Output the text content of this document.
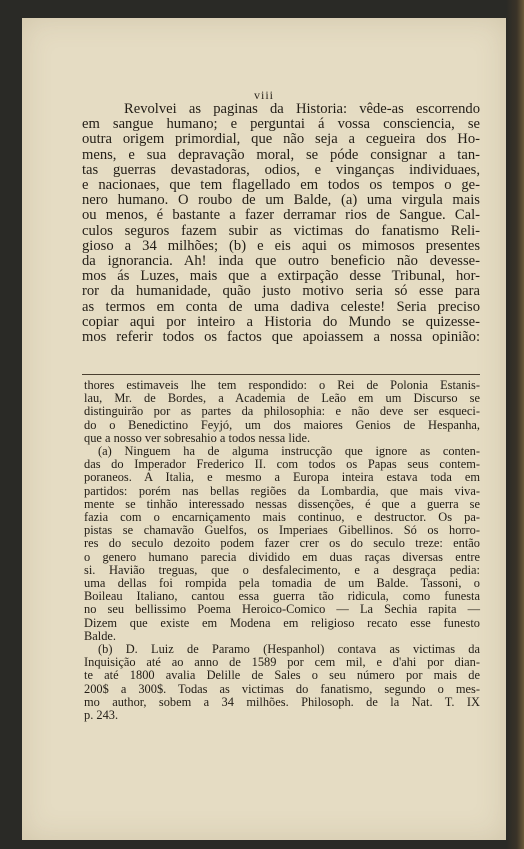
viii
Revolvei as paginas da Historia: vêde-as escorrendo
em sangue humano; e perguntai á vossa consciencia, se
outra origem primordial, que não seja a cegueira dos Ho-
mens, e sua depravação moral, se póde consignar a tan-
tas guerras devastadoras, odios, e vinganças individuaes,
e nacionaes, que tem flagellado em todos os tempos o ge-
nero humano. O roubo de um Balde, (a) uma virgula mais
ou menos, é bastante a fazer derramar rios de Sangue. Cal-
culos seguros fazem subir as victimas do fanatismo Reli-
gioso a 34 milhões; (b) e eis aqui os mimosos presentes
da ignorancia. Ah! inda que outro beneficio não devesse-
mos ás Luzes, mais que a extirpação desse Tribunal, hor-
ror da humanidade, quão justo motivo seria só esse para
as termos em conta de uma dadiva celeste! Seria preciso
copiar aqui por inteiro a Historia do Mundo se quizesse-
mos referir todos os factos que apoiassem a nossa opinião:
thores estimaveis lhe tem respondido: o Rei de Polonia Estanis-
lau, Mr. de Bordes, a Academia de Leão em um Discurso se
distinguirão por as partes da philosophia: e não deve ser esqueci-
do o Benedictino Feyjó, um dos maiores Genios de Hespanha,
que a nosso ver sobresahio a todos nessa lide.
(a) Ninguem ha de alguma instrucção que ignore as conten-
das do Imperador Frederico II. com todos os Papas seus contem-
poraneos. A Italia, e mesmo a Europa inteira estava toda em
partidos: porém nas bellas regiões da Lombardia, que mais viva-
mente se tinhão interessado nessas dissenções, é que a guerra se
fazia com o encarniçamento mais continuo, e destructor. Os pa-
pistas se chamavão Guelfos, os Imperiaes Gibellinos. Só os horro-
res do seculo dezoito podem fazer crer os do seculo treze: então
o genero humano parecia dividido em duas raças diversas entre
si. Havião treguas, que o desfalecimento, e a desgraça pedia:
uma dellas foi rompida pela tomadia de um Balde. Tassoni, o
Boileau Italiano, cantou essa guerra tão ridicula, como funesta
no seu bellissimo Poema Heroico-Comico — La Sechia rapita —
Dizem que existe em Modena em religioso recato esse funesto
Balde.
(b) D. Luiz de Paramo (Hespanhol) contava as victimas da
Inquisição até ao anno de 1589 por cem mil, e d'ahi por dian-
te até 1800 avalia Delille de Sales o seu número por mais de
200$ a 300$. Todas as victimas do fanatismo, segundo o mes-
mo author, sobem a 34 milhões. Philosoph. de la Nat. T. IX
p. 243.
